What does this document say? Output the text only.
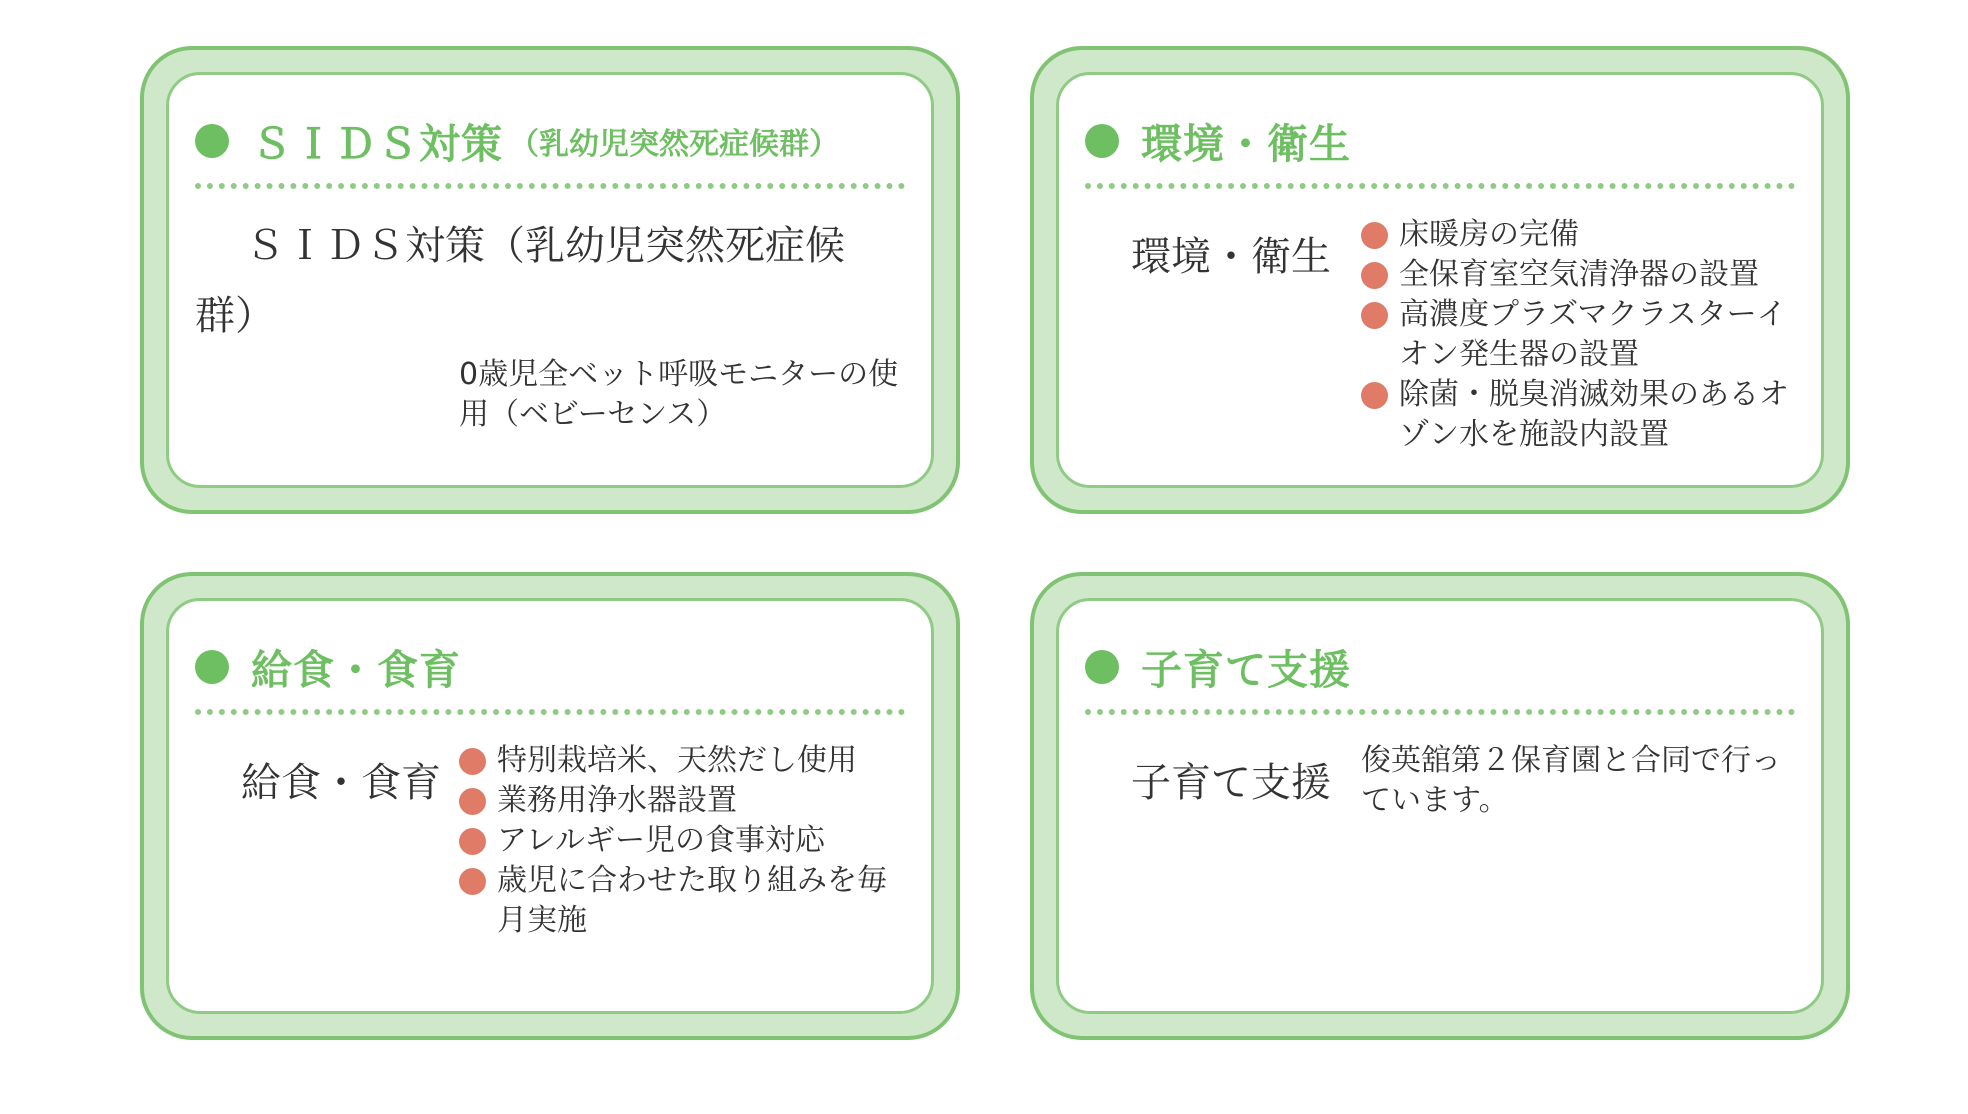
ＳＩＤＳ対策 （乳幼児突然死症候群）
ＳＩＤＳ対策（乳幼児突然死症候群）
0歳児全ベット呼吸モニターの使用（ベビーセンス）
環境・衛生
環境・衛生	床暖房の完備
全保育室空気清浄器の設置
高濃度プラズマクラスターイオン発生器の設置
除菌・脱臭消滅効果のあるオゾン水を施設内設置
給食・食育
給食・食育	特別栽培米、天然だし使用
業務用浄水器設置
アレルギー児の食事対応
歳児に合わせた取り組みを毎月実施
子育て支援
子育て支援 俊英舘第２保育園と合同で行っています。
